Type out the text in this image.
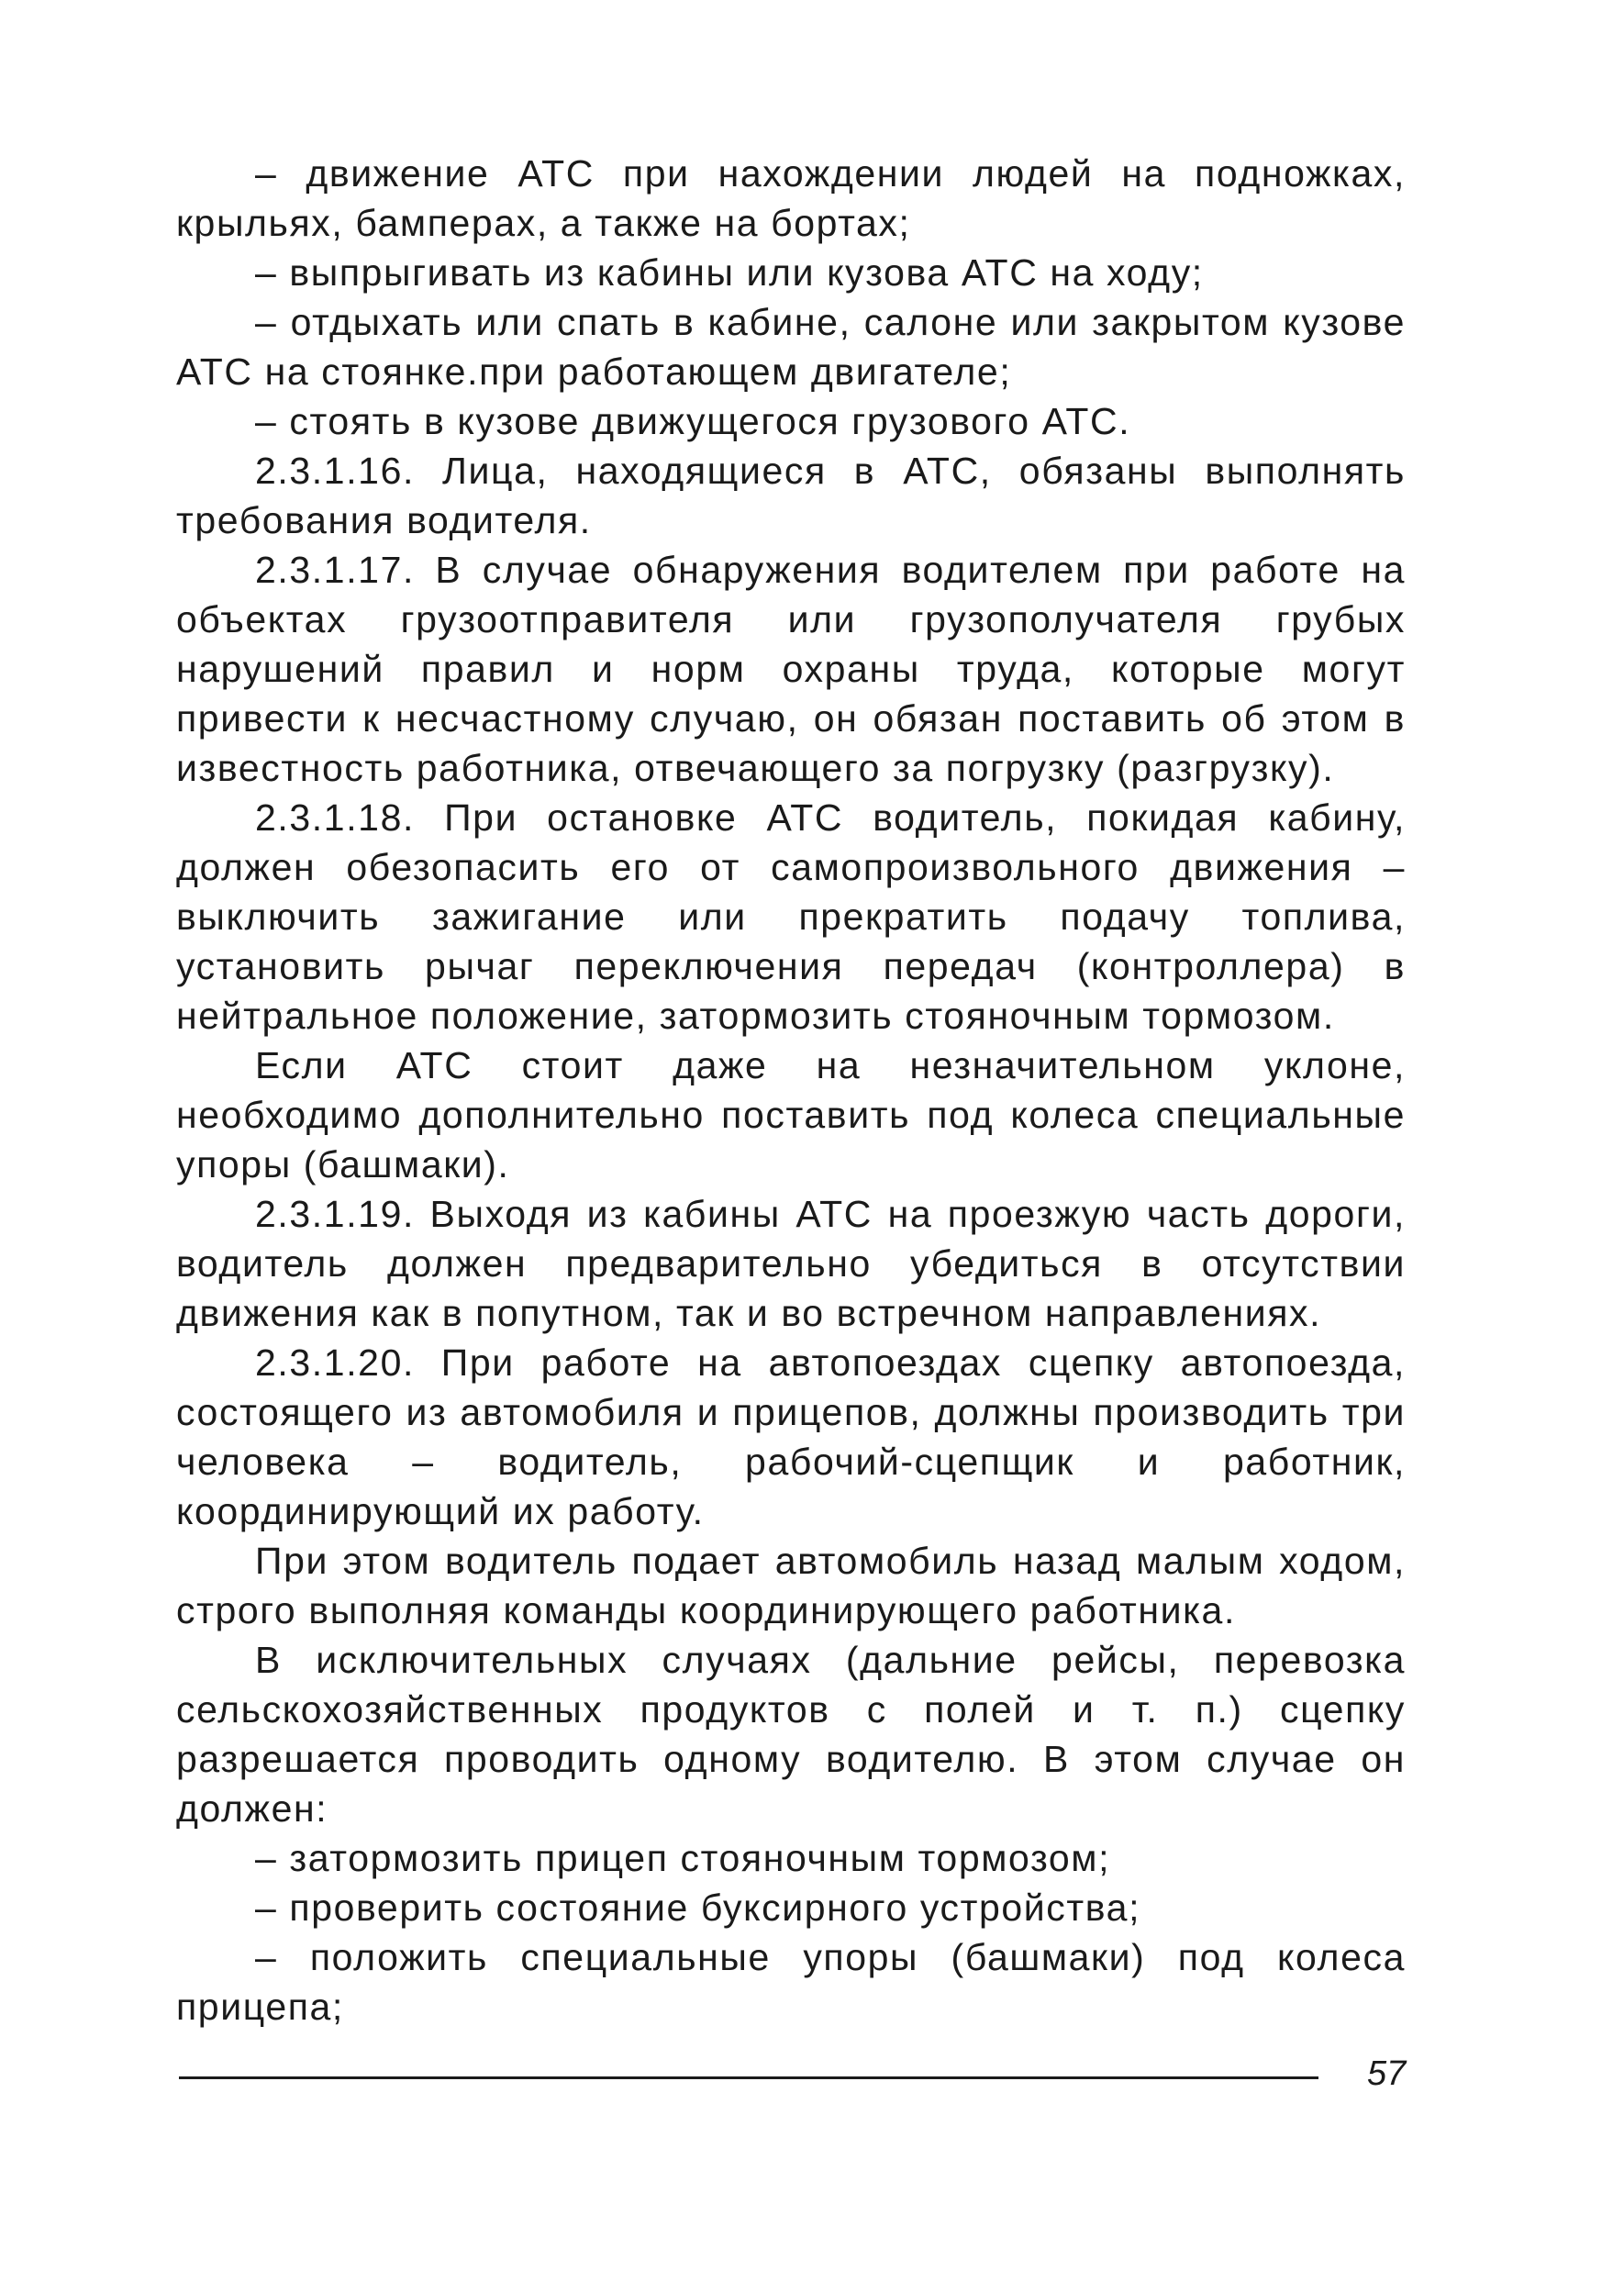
– движение АТС при нахождении людей на подножках, крыльях, бамперах, а также на бортах;

– выпрыгивать из кабины или кузова АТС на ходу;

– отдыхать или спать в кабине, салоне или закрытом кузове АТС на стоянке.при работающем двигателе;

– стоять в кузове движущегося грузового АТС.

2.3.1.16. Лица, находящиеся в АТС, обязаны выполнять требования водителя.

2.3.1.17. В случае обнаружения водителем при работе на объектах грузоотправителя или грузополучателя грубых нарушений правил и норм охраны труда, которые могут привести к несчастному случаю, он обязан поставить об этом в известность работника, отвечающего за погрузку (разгрузку).

2.3.1.18. При остановке АТС водитель, покидая кабину, должен обезопасить его от самопроизвольного движения – выключить зажигание или прекратить подачу топлива, установить рычаг переключения передач (контроллера) в нейтральное положение, затормозить стояночным тормозом.

Если АТС стоит даже на незначительном уклоне, необходимо дополнительно поставить под колеса специальные упоры (башмаки).

2.3.1.19. Выходя из кабины АТС на проезжую часть дороги, водитель должен предварительно убедиться в отсутствии движения как в попутном, так и во встречном направлениях.

2.3.1.20. При работе на автопоездах сцепку автопоезда, состоящего из автомобиля и прицепов, должны производить три человека – водитель, рабочий-сцепщик и работник, координирующий их работу.

При этом водитель подает автомобиль назад малым ходом, строго выполняя команды координирующего работника.

В исключительных случаях (дальние рейсы, перевозка сельскохозяйственных продуктов с полей и т. п.) сцепку разрешается проводить одному водителю. В этом случае он должен:

– затормозить прицеп стояночным тормозом;

– проверить состояние буксирного устройства;

– положить специальные упоры (башмаки) под колеса прицепа;

57
